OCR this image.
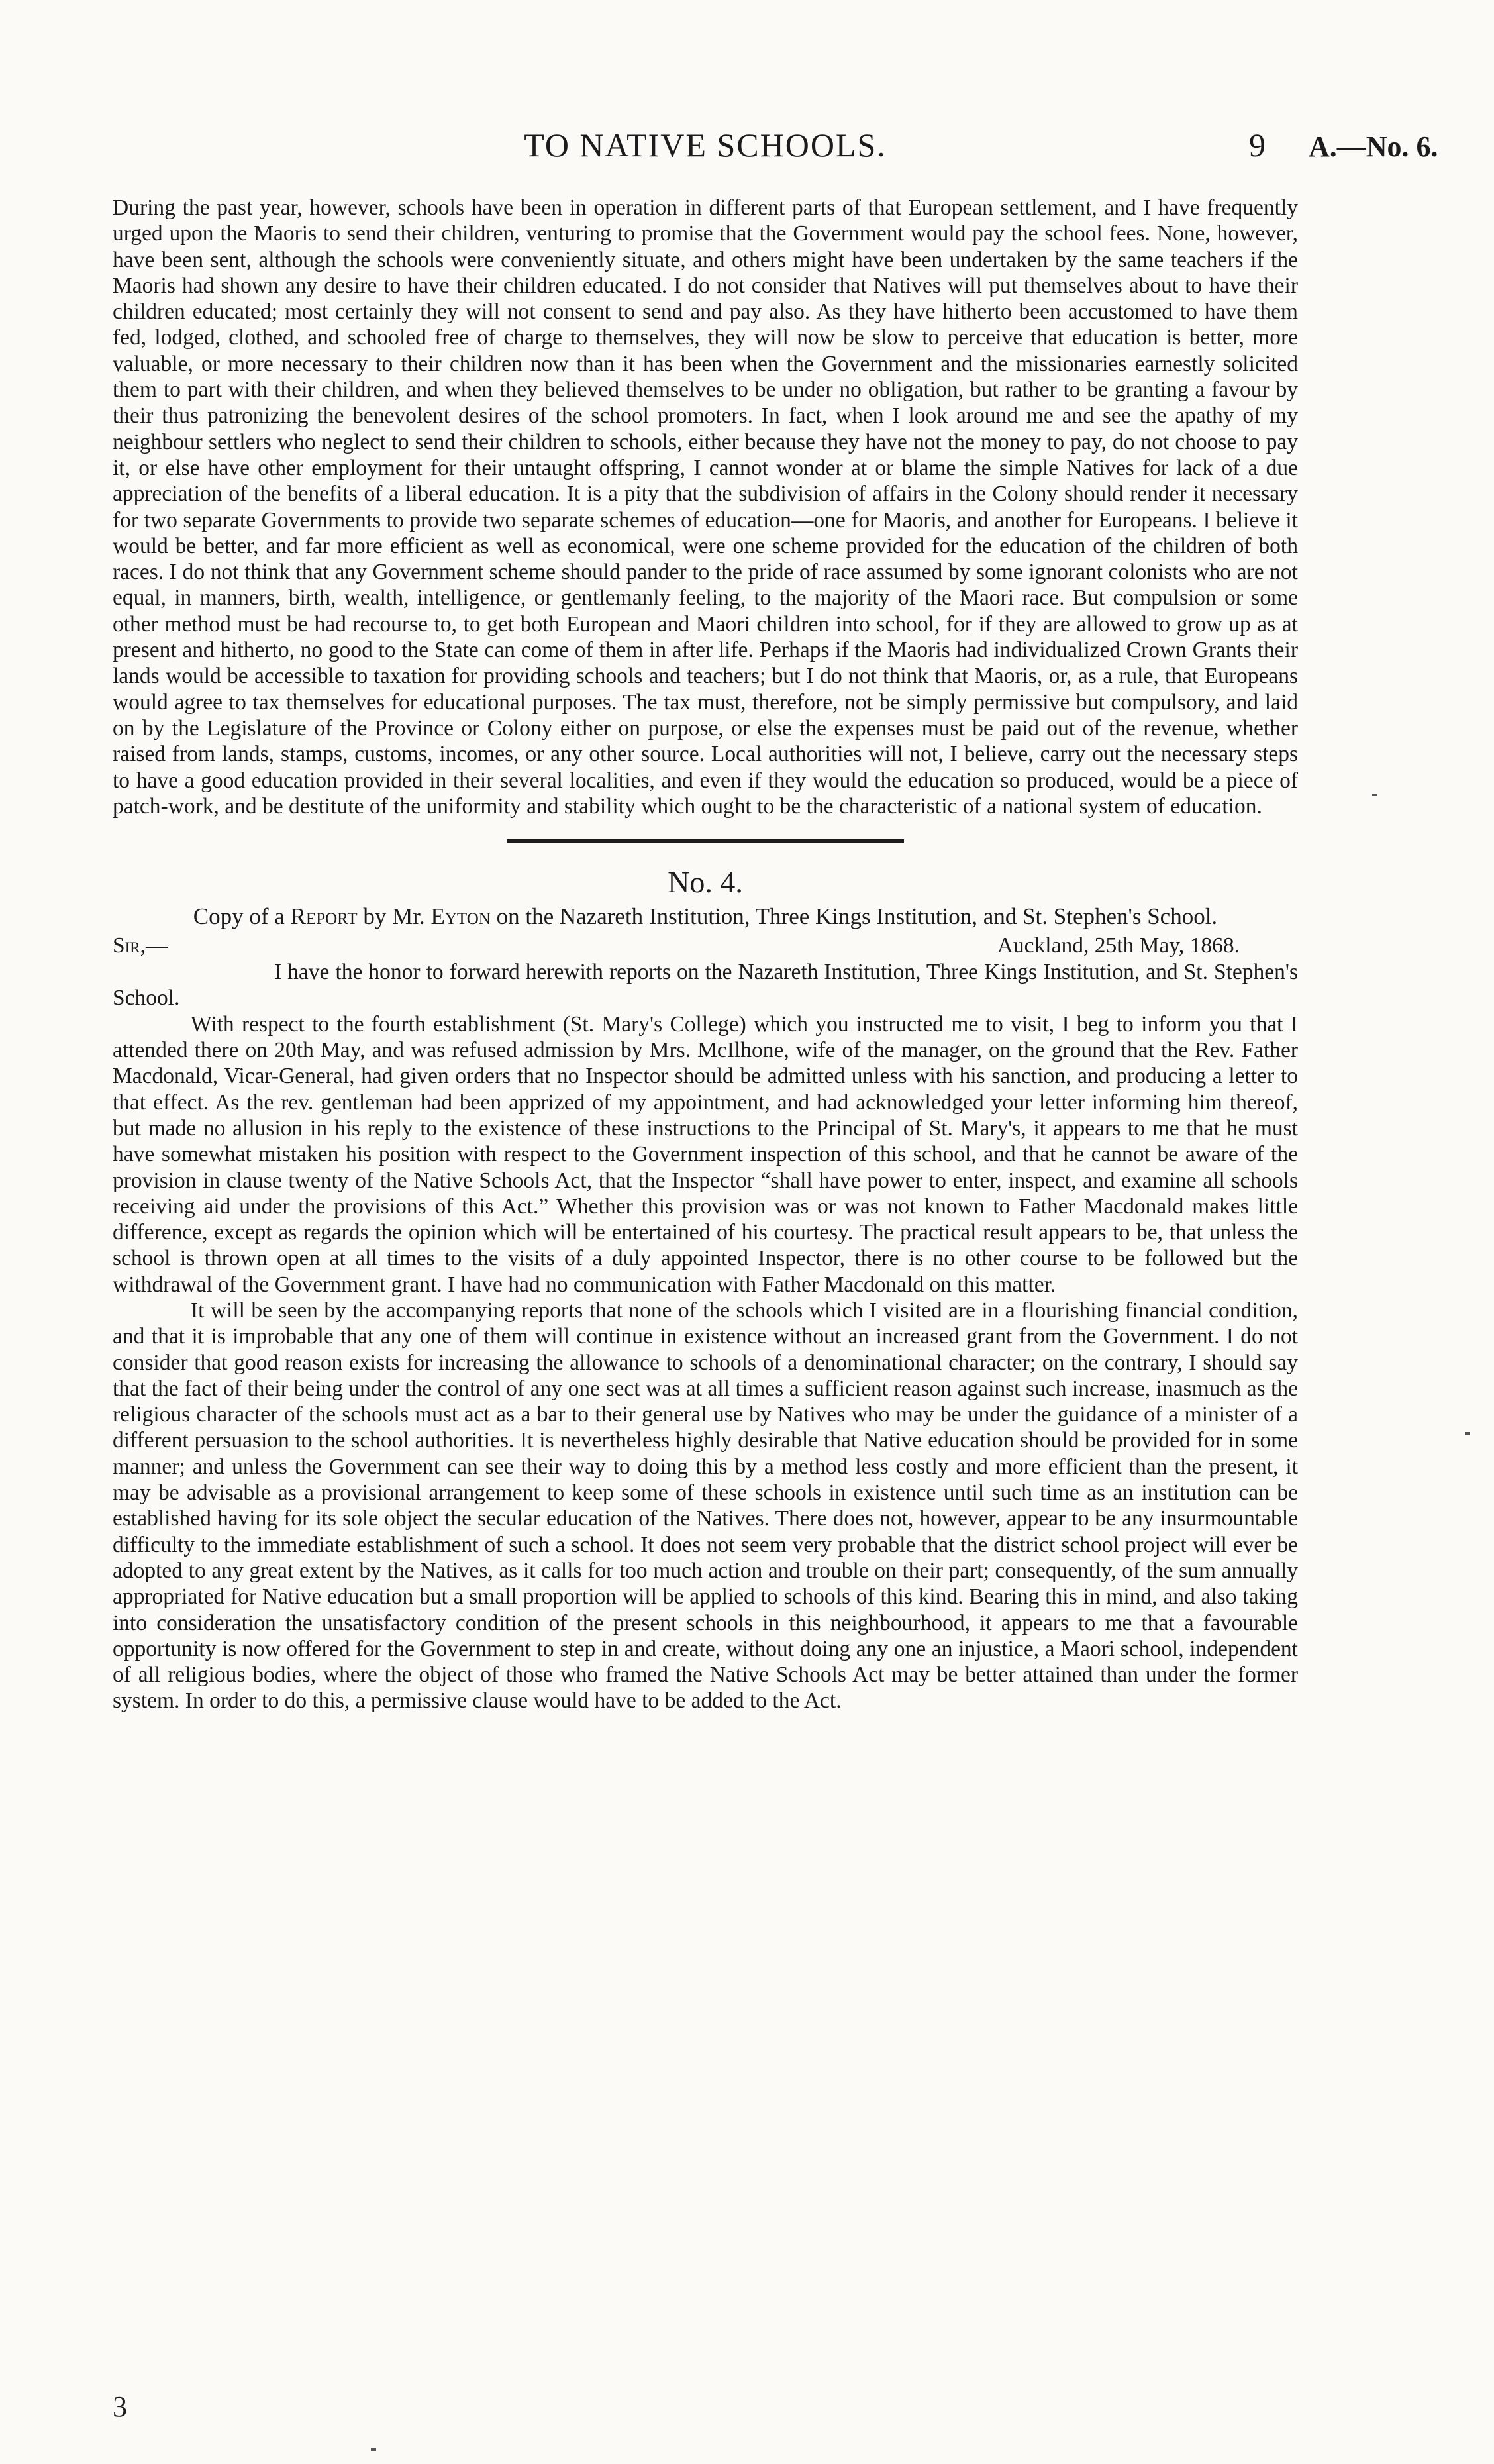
TO NATIVE SCHOOLS.	9 A.—No. 6.

During the past year, however, schools have been in operation in different parts of that European settlement, and I have frequently urged upon the Maoris to send their children, venturing to promise that the Government would pay the school fees. None, however, have been sent, although the schools were conveniently situate, and others might have been undertaken by the same teachers if the Maoris had shown any desire to have their children educated. I do not consider that Natives will put themselves about to have their children educated; most certainly they will not consent to send and pay also. As they have hitherto been accustomed to have them fed, lodged, clothed, and schooled free of charge to themselves, they will now be slow to perceive that education is better, more valuable, or more necessary to their children now than it has been when the Government and the missionaries earnestly solicited them to part with their children, and when they believed themselves to be under no obligation, but rather to be granting a favour by their thus patronizing the benevolent desires of the school promoters. In fact, when I look around me and see the apathy of my neighbour settlers who neglect to send their children to schools, either because they have not the money to pay, do not choose to pay it, or else have other employment for their untaught offspring, I cannot wonder at or blame the simple Natives for lack of a due appreciation of the benefits of a liberal education. It is a pity that the subdivision of affairs in the Colony should render it necessary for two separate Governments to provide two separate schemes of education—one for Maoris, and another for Europeans. I believe it would be better, and far more efficient as well as economical, were one scheme provided for the education of the children of both races. I do not think that any Government scheme should pander to the pride of race assumed by some ignorant colonists who are not equal, in manners, birth, wealth, intelligence, or gentlemanly feeling, to the majority of the Maori race. But compulsion or some other method must be had recourse to, to get both European and Maori children into school, for if they are allowed to grow up as at present and hitherto, no good to the State can come of them in after life. Perhaps if the Maoris had individualized Crown Grants their lands would be accessible to taxation for providing schools and teachers; but I do not think that Maoris, or, as a rule, that Europeans would agree to tax themselves for educational purposes. The tax must, therefore, not be simply permissive but compulsory, and laid on by the Legislature of the Province or Colony either on purpose, or else the expenses must be paid out of the revenue, whether raised from lands, stamps, customs, incomes, or any other source. Local authorities will not, I believe, carry out the necessary steps to have a good education provided in their several localities, and even if they would the education so produced, would be a piece of patch-work, and be destitute of the uniformity and stability which ought to be the characteristic of a national system of education.

No. 4.
Copy of a Report by Mr. Eyton on the Nazareth Institution, Three Kings Institution, and St. Stephen's School.
Sir,—	Auckland, 25th May, 1868.

I have the honor to forward herewith reports on the Nazareth Institution, Three Kings Institution, and St. Stephen's School.

With respect to the fourth establishment (St. Mary's College) which you instructed me to visit, I beg to inform you that I attended there on 20th May, and was refused admission by Mrs. McIlhone, wife of the manager, on the ground that the Rev. Father Macdonald, Vicar-General, had given orders that no Inspector should be admitted unless with his sanction, and producing a letter to that effect. As the rev. gentleman had been apprized of my appointment, and had acknowledged your letter informing him thereof, but made no allusion in his reply to the existence of these instructions to the Principal of St. Mary's, it appears to me that he must have somewhat mistaken his position with respect to the Government inspection of this school, and that he cannot be aware of the provision in clause twenty of the Native Schools Act, that the Inspector “shall have power to enter, inspect, and examine all schools receiving aid under the provisions of this Act.” Whether this provision was or was not known to Father Macdonald makes little difference, except as regards the opinion which will be entertained of his courtesy. The practical result appears to be, that unless the school is thrown open at all times to the visits of a duly appointed Inspector, there is no other course to be followed but the withdrawal of the Government grant. I have had no communication with Father Macdonald on this matter.

It will be seen by the accompanying reports that none of the schools which I visited are in a flourishing financial condition, and that it is improbable that any one of them will continue in existence without an increased grant from the Government. I do not consider that good reason exists for increasing the allowance to schools of a denominational character; on the contrary, I should say that the fact of their being under the control of any one sect was at all times a sufficient reason against such increase, inasmuch as the religious character of the schools must act as a bar to their general use by Natives who may be under the guidance of a minister of a different persuasion to the school authorities. It is nevertheless highly desirable that Native education should be provided for in some manner; and unless the Government can see their way to doing this by a method less costly and more efficient than the present, it may be advisable as a provisional arrangement to keep some of these schools in existence until such time as an institution can be established having for its sole object the secular education of the Natives. There does not, however, appear to be any insurmountable difficulty to the immediate establishment of such a school. It does not seem very probable that the district school project will ever be adopted to any great extent by the Natives, as it calls for too much action and trouble on their part; consequently, of the sum annually appropriated for Native education but a small proportion will be applied to schools of this kind. Bearing this in mind, and also taking into consideration the unsatisfactory condition of the present schools in this neighbourhood, it appears to me that a favourable opportunity is now offered for the Government to step in and create, without doing any one an injustice, a Maori school, independent of all religious bodies, where the object of those who framed the Native Schools Act may be better attained than under the former system. In order to do this, a permissive clause would have to be added to the Act.

3
